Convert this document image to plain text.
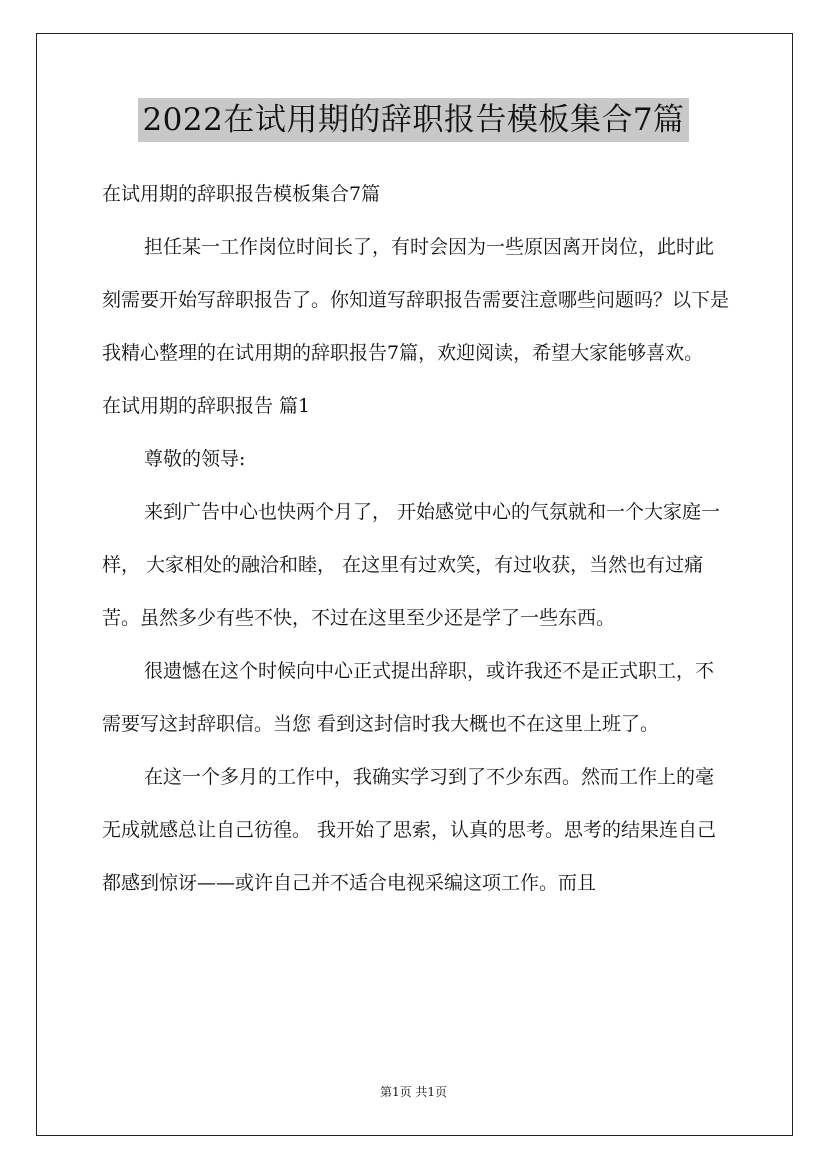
2022在试用期的辞职报告模板集合7篇

在试用期的辞职报告模板集合7篇

担任某一工作岗位时间长了，有时会因为一些原因离开岗位，此时此刻需要开始写辞职报告了。你知道写辞职报告需要注意哪些问题吗？以下是我精心整理的在试用期的辞职报告7篇，欢迎阅读，希望大家能够喜欢。

在试用期的辞职报告 篇1

尊敬的领导:

来到广告中心也快两个月了， 开始感觉中心的气氛就和一个大家庭一样， 大家相处的融洽和睦， 在这里有过欢笑，有过收获，当然也有过痛苦。虽然多少有些不快，不过在这里至少还是学了一些东西。

很遗憾在这个时候向中心正式提出辞职，或许我还不是正式职工，不需要写这封辞职信。当您 看到这封信时我大概也不在这里上班了。

在这一个多月的工作中，我确实学习到了不少东西。然而工作上的毫无成就感总让自己彷徨。 我开始了思索，认真的思考。思考的结果连自己都感到惊讶——或许自己并不适合电视采编这项工作。而且

第1页 共1页
